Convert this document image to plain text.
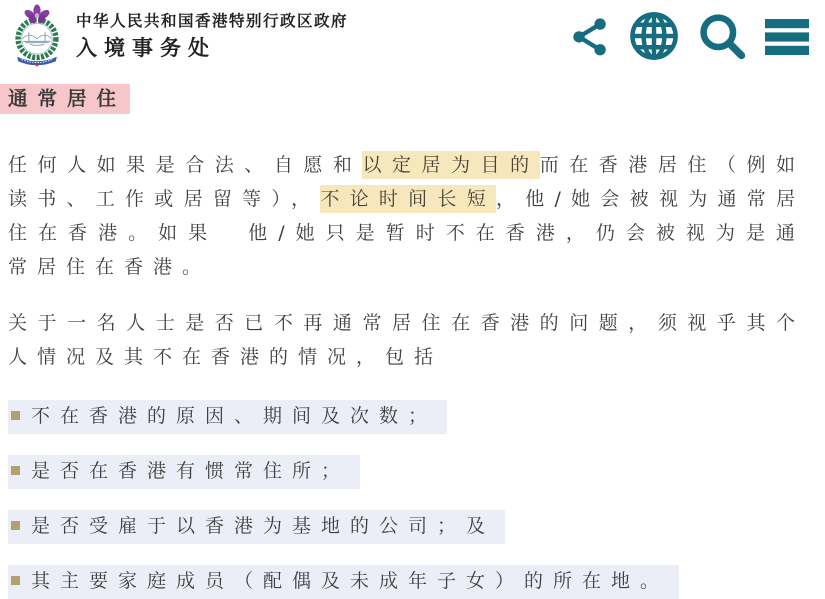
中华人民共和国香港特别行政区政府
入境事务处
通常居住

任何人如果是合法、自愿和以定居为目的而在香港居住（例如读书、工作或居留等），不论时间长短，他/她会被视为通常居住在香港。如果　他/她只是暂时不在香港，仍会被视为是通常居住在香港。

关于一名人士是否已不再通常居住在香港的问题，须视乎其个人情况及其不在香港的情况，包括

不在香港的原因、期间及次数；
是否在香港有惯常住所；
是否受雇于以香港为基地的公司；及
其主要家庭成员（配偶及未成年子女）的所在地。
